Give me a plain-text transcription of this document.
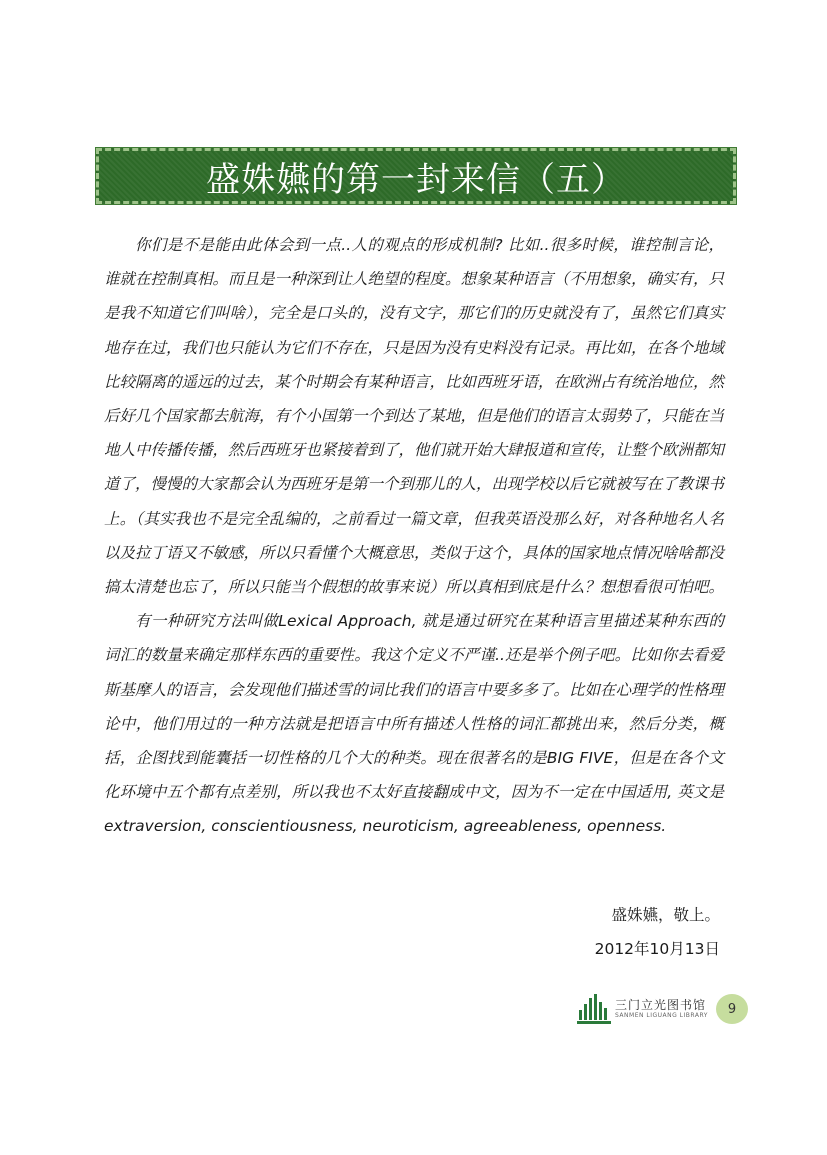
盛姝嬿的第一封来信（五）

你们是不是能由此体会到一点..人的观点的形成机制? 比如..很多时候，谁控制言论，谁就在控制真相。而且是一种深到让人绝望的程度。想象某种语言（不用想象，确实有，只是我不知道它们叫啥），完全是口头的，没有文字，那它们的历史就没有了，虽然它们真实地存在过，我们也只能认为它们不存在，只是因为没有史料没有记录。再比如，在各个地域比较隔离的遥远的过去，某个时期会有某种语言，比如西班牙语，在欧洲占有统治地位，然后好几个国家都去航海，有个小国第一个到达了某地，但是他们的语言太弱势了，只能在当地人中传播传播，然后西班牙也紧接着到了，他们就开始大肆报道和宣传，让整个欧洲都知道了，慢慢的大家都会认为西班牙是第一个到那儿的人，出现学校以后它就被写在了教课书上。（其实我也不是完全乱编的，之前看过一篇文章，但我英语没那么好，对各种地名人名以及拉丁语又不敏感，所以只看懂个大概意思，类似于这个，具体的国家地点情况啥啥都没搞太清楚也忘了，所以只能当个假想的故事来说）所以真相到底是什么？想想看很可怕吧。

有一种研究方法叫做Lexical Approach, 就是通过研究在某种语言里描述某种东西的词汇的数量来确定那样东西的重要性。我这个定义不严谨..还是举个例子吧。比如你去看爱斯基摩人的语言，会发现他们描述雪的词比我们的语言中要多多了。比如在心理学的性格理论中，他们用过的一种方法就是把语言中所有描述人性格的词汇都挑出来，然后分类，概括，企图找到能囊括一切性格的几个大的种类。现在很著名的是BIG FIVE，但是在各个文化环境中五个都有点差别，所以我也不太好直接翻成中文，因为不一定在中国适用, 英文是extraversion, conscientiousness, neuroticism, agreeableness, openness.

盛姝嬿，敬上。
2012年10月13日
三门立光图书馆
SANMEN LIGUANG LIBRARY 9
